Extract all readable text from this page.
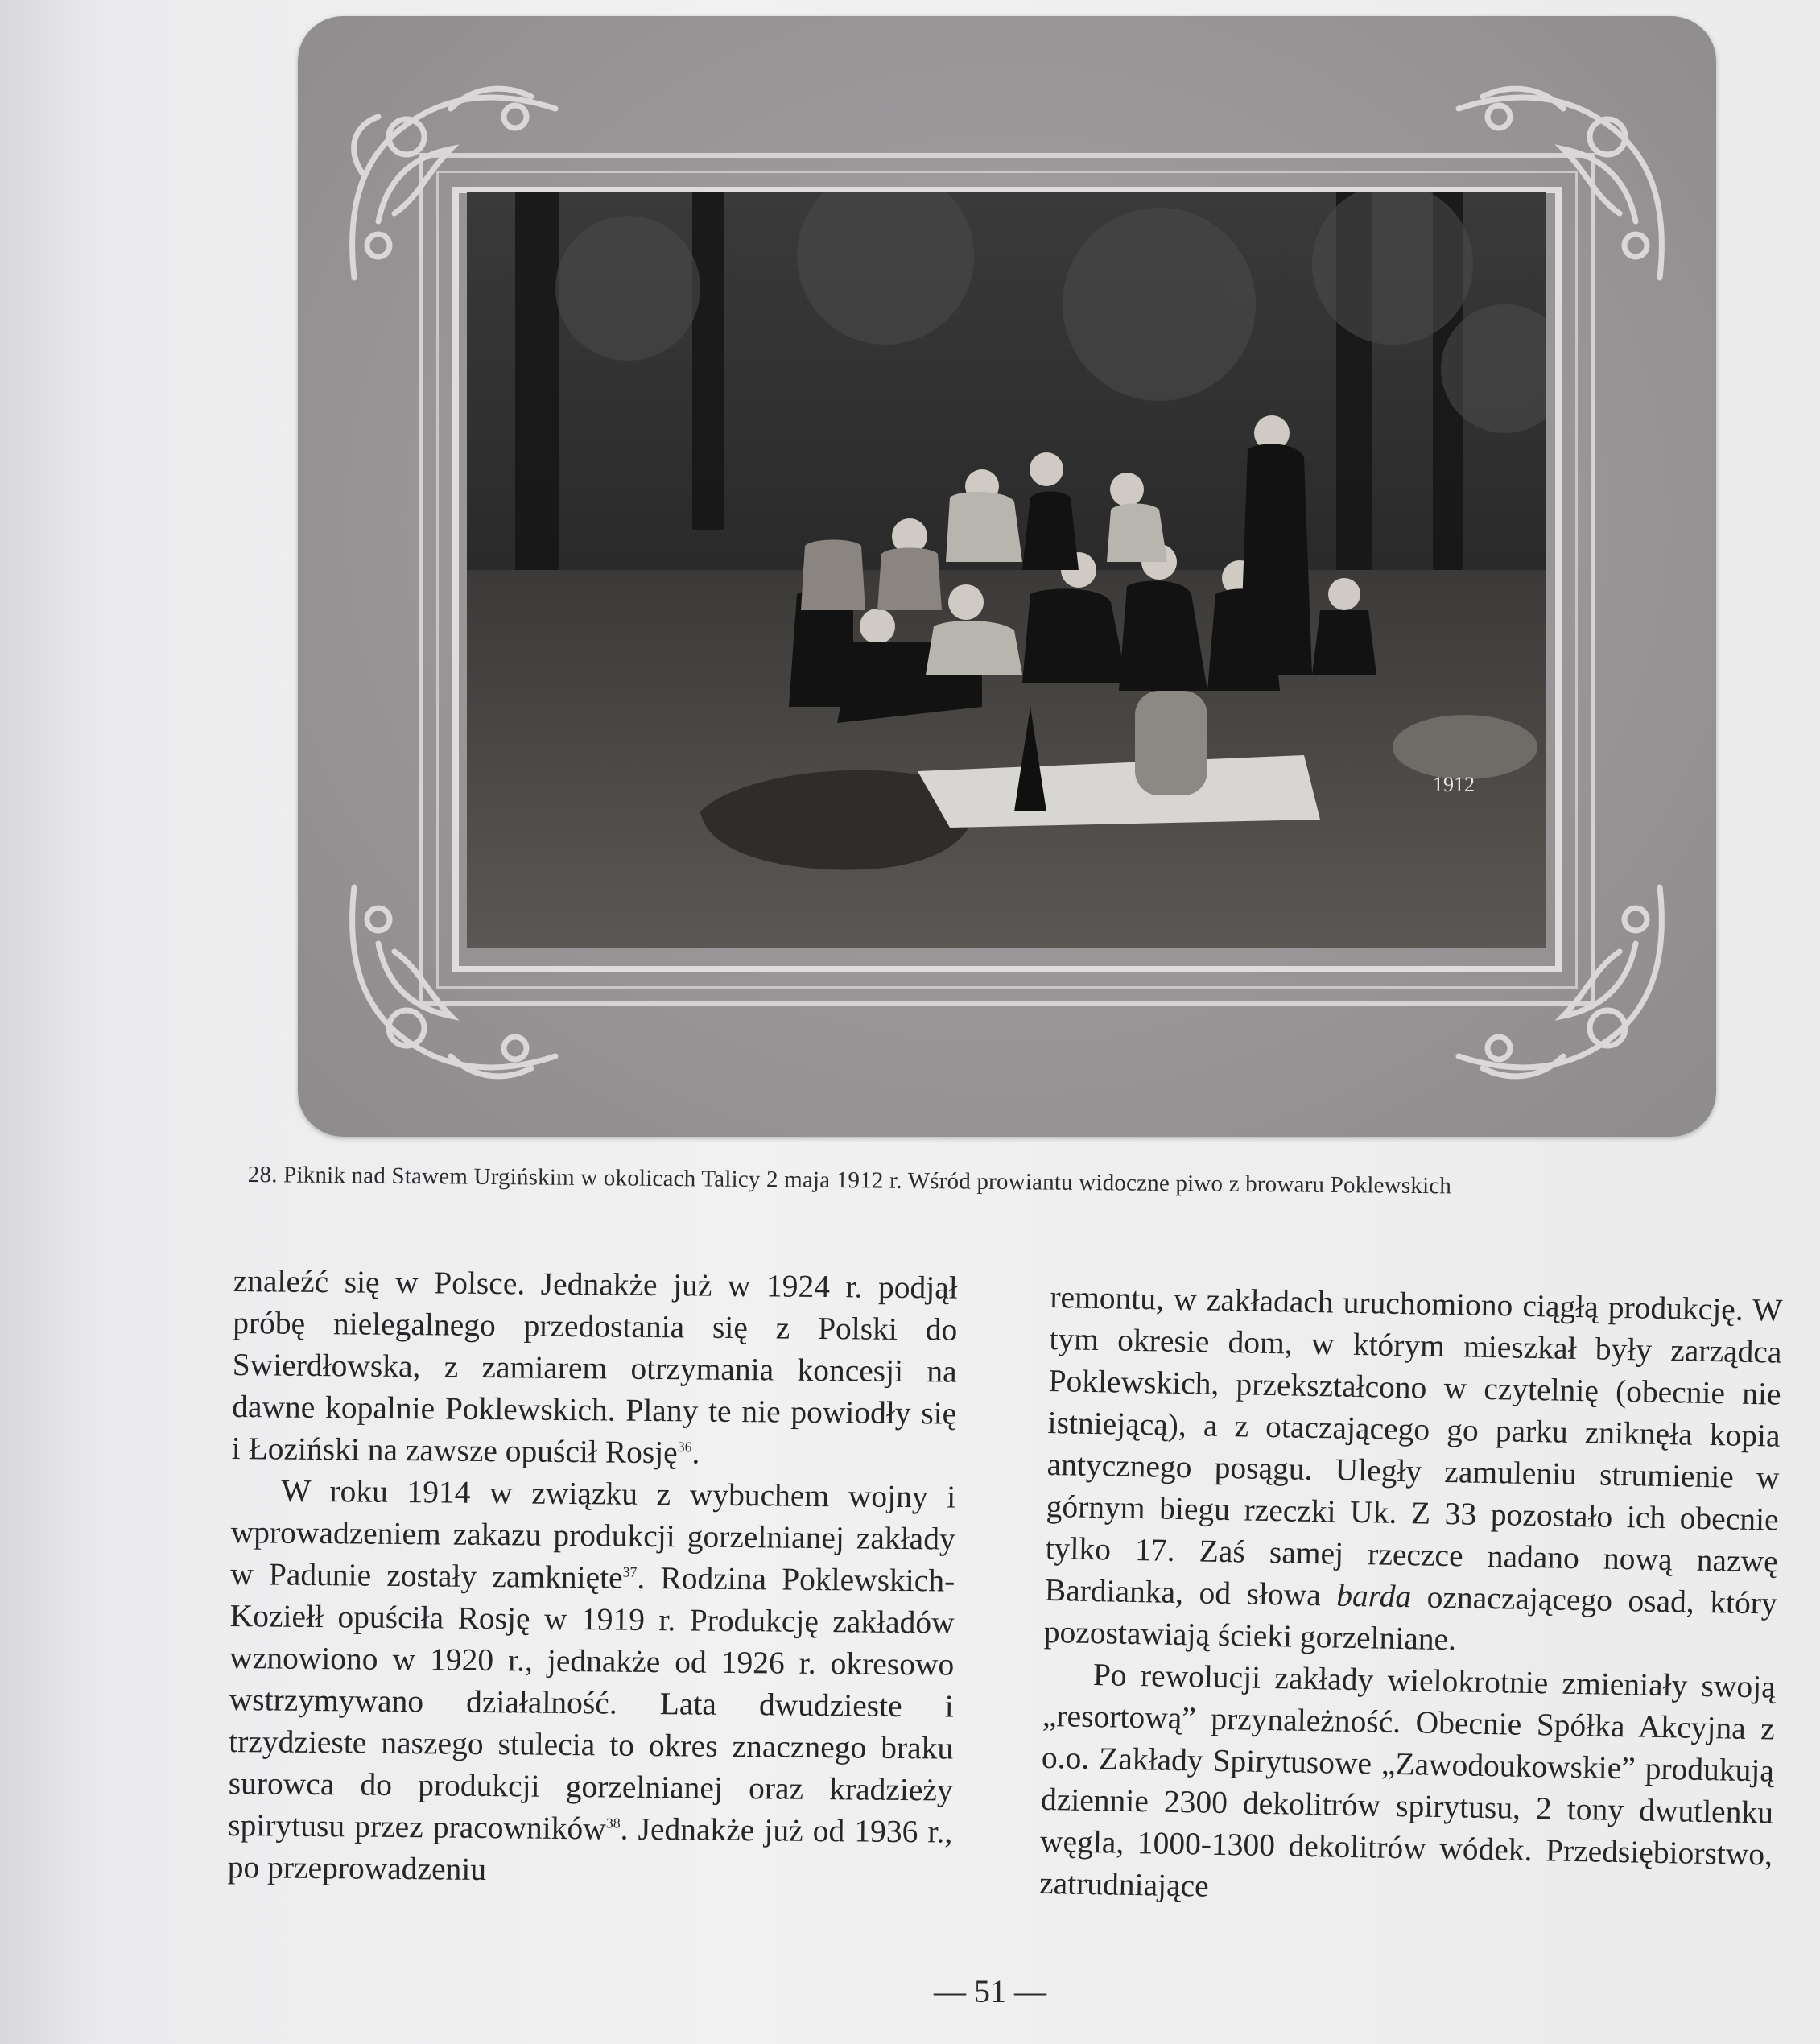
1912
28. Piknik nad Stawem Urgińskim w okolicach Talicy 2 maja 1912 r. Wśród prowiantu widoczne piwo z browaru Poklewskich

znaleźć się w Polsce. Jednakże już w 1924 r. podjął próbę nielegalnego przedostania się z Polski do Swierdłowska, z zamiarem otrzymania koncesji na dawne kopalnie Poklewskich. Plany te nie powiodły się i Łoziński na zawsze opuścił Rosję$^{36}$.

W roku 1914 w związku z wybuchem wojny i wprowadzeniem zakazu produkcji gorzelnianej zakłady w Padunie zostały zamknięte$^{37}$. Rodzina Poklewskich-Koziełł opuściła Rosję w 1919 r. Produkcję zakładów wznowiono w 1920 r., jednakże od 1926 r. okresowo wstrzymywano działalność. Lata dwudzieste i trzydzieste naszego stulecia to okres znacznego braku surowca do produkcji gorzelnianej oraz kradzieży spirytusu przez pracowników$^{38}$. Jednakże już od 1936 r., po przeprowadzeniu

remontu, w zakładach uruchomiono ciągłą produkcję. W tym okresie dom, w którym mieszkał były zarządca Poklewskich, przekształcono w czytelnię (obecnie nie istniejącą), a z otaczającego go parku zniknęła kopia antycznego posągu. Uległy zamuleniu strumienie w górnym biegu rzeczki Uk. Z 33 pozostało ich obecnie tylko 17. Zaś samej rzeczce nadano nową nazwę Bardianka, od słowa barda oznaczającego osad, który pozostawiają ścieki gorzelniane.

Po rewolucji zakłady wielokrotnie zmieniały swoją „resortową” przynależność. Obecnie Spółka Akcyjna z o.o. Zakłady Spirytusowe „Zawodoukowskie” produkują dziennie 2300 dekolitrów spirytusu, 2 tony dwutlenku węgla, 1000-1300 dekolitrów wódek. Przedsiębiorstwo, zatrudniające

— 51 —
